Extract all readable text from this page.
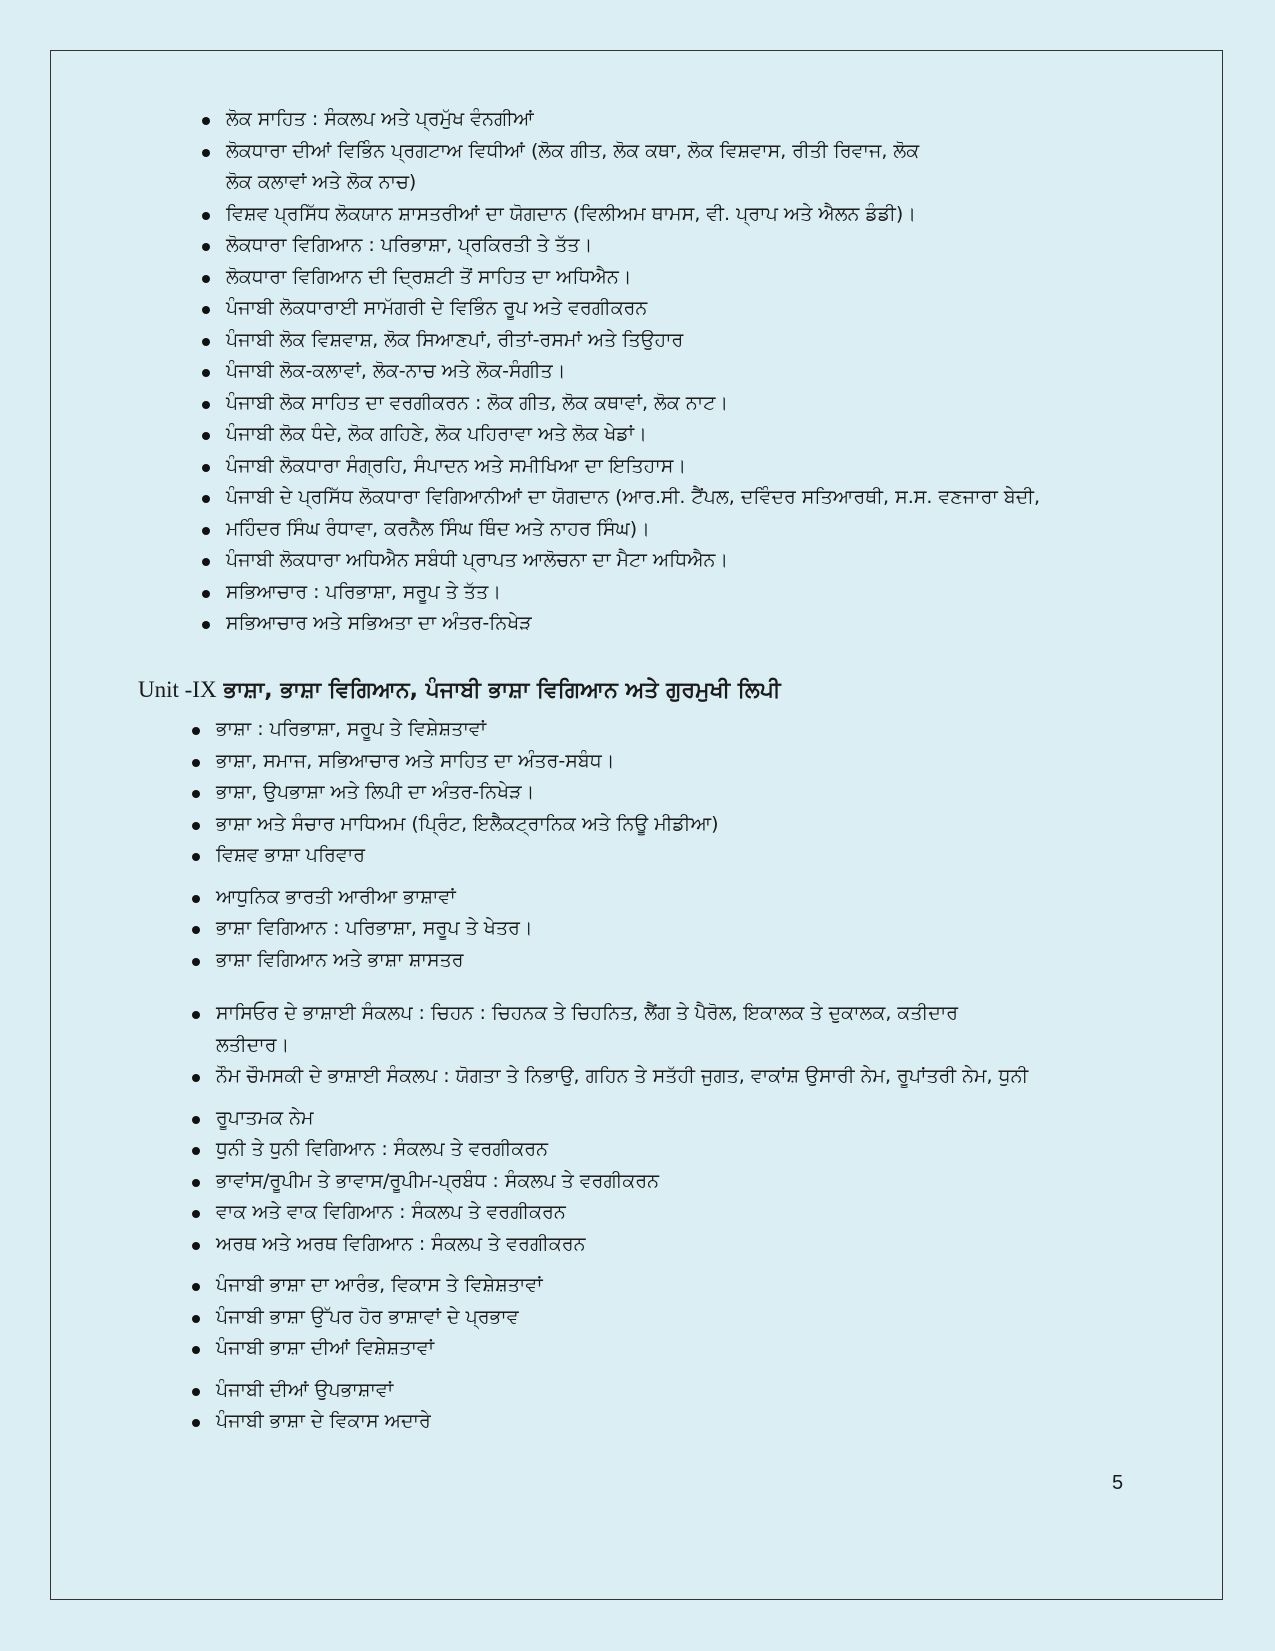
ਲੋਕ ਸਾਹਿਤ : ਸੰਕਲਪ ਅਤੇ ਪ੍ਰਮੁੱਖ ਵੰਨਗੀਆਂ
ਲੋਕਧਾਰਾ ਦੀਆਂ ਵਿਭਿੰਨ ਪ੍ਰਗਟਾਅ ਵਿਧੀਆਂ (ਲੋਕ ਗੀਤ, ਲੋਕ ਕਥਾ, ਲੋਕ ਵਿਸ਼ਵਾਸ, ਰੀਤੀ ਰਿਵਾਜ, ਲੋਕ
ਲੋਕ ਕਲਾਵਾਂ ਅਤੇ ਲੋਕ ਨਾਚ)
ਵਿਸ਼ਵ ਪ੍ਰਸਿੱਧ ਲੋਕਯਾਨ ਸ਼ਾਸਤਰੀਆਂ ਦਾ ਯੋਗਦਾਨ (ਵਿਲੀਅਮ ਥਾਮਸ, ਵੀ. ਪ੍ਰਾਪ ਅਤੇ ਐਲਨ ਡੰਡੀ)।
ਲੋਕਧਾਰਾ ਵਿਗਿਆਨ : ਪਰਿਭਾਸ਼ਾ, ਪ੍ਰਕਿਰਤੀ ਤੇ ਤੱਤ।
ਲੋਕਧਾਰਾ ਵਿਗਿਆਨ ਦੀ ਦ੍ਰਿਸ਼ਟੀ ਤੋਂ ਸਾਹਿਤ ਦਾ ਅਧਿਐਨ।
ਪੰਜਾਬੀ ਲੋਕਧਾਰਾਈ ਸਾਮੱਗਰੀ ਦੇ ਵਿਭਿੰਨ ਰੂਪ ਅਤੇ ਵਰਗੀਕਰਨ
ਪੰਜਾਬੀ ਲੋਕ ਵਿਸ਼ਵਾਸ਼, ਲੋਕ ਸਿਆਣਪਾਂ, ਰੀਤਾਂ-ਰਸਮਾਂ ਅਤੇ ਤਿਉਹਾਰ
ਪੰਜਾਬੀ ਲੋਕ-ਕਲਾਵਾਂ, ਲੋਕ-ਨਾਚ ਅਤੇ ਲੋਕ-ਸੰਗੀਤ।
ਪੰਜਾਬੀ ਲੋਕ ਸਾਹਿਤ ਦਾ ਵਰਗੀਕਰਨ : ਲੋਕ ਗੀਤ, ਲੋਕ ਕਥਾਵਾਂ, ਲੋਕ ਨਾਟ।
ਪੰਜਾਬੀ ਲੋਕ ਧੰਦੇ, ਲੋਕ ਗਹਿਣੇ, ਲੋਕ ਪਹਿਰਾਵਾ ਅਤੇ ਲੋਕ ਖੇਡਾਂ।
ਪੰਜਾਬੀ ਲੋਕਧਾਰਾ ਸੰਗ੍ਰਹਿ, ਸੰਪਾਦਨ ਅਤੇ ਸਮੀਖਿਆ ਦਾ ਇਤਿਹਾਸ।
ਪੰਜਾਬੀ ਦੇ ਪ੍ਰਸਿੱਧ ਲੋਕਧਾਰਾ ਵਿਗਿਆਨੀਆਂ ਦਾ ਯੋਗਦਾਨ (ਆਰ.ਸੀ. ਟੈਂਪਲ, ਦਵਿੰਦਰ ਸਤਿਆਰਥੀ, ਸ.ਸ. ਵਣਜਾਰਾ ਬੇਦੀ,
ਮਹਿੰਦਰ ਸਿੰਘ ਰੰਧਾਵਾ, ਕਰਨੈਲ ਸਿੰਘ ਥਿੰਦ ਅਤੇ ਨਾਹਰ ਸਿੰਘ)।
ਪੰਜਾਬੀ ਲੋਕਧਾਰਾ ਅਧਿਐਨ ਸਬੰਧੀ ਪ੍ਰਾਪਤ ਆਲੋਚਨਾ ਦਾ ਮੈਟਾ ਅਧਿਐਨ।
ਸਭਿਆਚਾਰ : ਪਰਿਭਾਸ਼ਾ, ਸਰੂਪ ਤੇ ਤੱਤ।
ਸਭਿਆਚਾਰ ਅਤੇ ਸਭਿਅਤਾ ਦਾ ਅੰਤਰ-ਨਿਖੇੜ
Unit -IX ਭਾਸ਼ਾ, ਭਾਸ਼ਾ ਵਿਗਿਆਨ, ਪੰਜਾਬੀ ਭਾਸ਼ਾ ਵਿਗਿਆਨ ਅਤੇ ਗੁਰਮੁਖੀ ਲਿਪੀ
ਭਾਸ਼ਾ : ਪਰਿਭਾਸ਼ਾ, ਸਰੂਪ ਤੇ ਵਿਸ਼ੇਸ਼ਤਾਵਾਂ
ਭਾਸ਼ਾ, ਸਮਾਜ, ਸਭਿਆਚਾਰ ਅਤੇ ਸਾਹਿਤ ਦਾ ਅੰਤਰ-ਸਬੰਧ।
ਭਾਸ਼ਾ, ਉਪਭਾਸ਼ਾ ਅਤੇ ਲਿਪੀ ਦਾ ਅੰਤਰ-ਨਿਖੇੜ।
ਭਾਸ਼ਾ ਅਤੇ ਸੰਚਾਰ ਮਾਧਿਅਮ (ਪ੍ਰਿੰਟ, ਇਲੈਕਟ੍ਰਾਨਿਕ ਅਤੇ ਨਿਊ ਮੀਡੀਆ)
ਵਿਸ਼ਵ ਭਾਸ਼ਾ ਪਰਿਵਾਰ
ਆਧੁਨਿਕ ਭਾਰਤੀ ਆਰੀਆ ਭਾਸ਼ਾਵਾਂ
ਭਾਸ਼ਾ ਵਿਗਿਆਨ : ਪਰਿਭਾਸ਼ਾ, ਸਰੂਪ ਤੇ ਖੇਤਰ।
ਭਾਸ਼ਾ ਵਿਗਿਆਨ ਅਤੇ ਭਾਸ਼ਾ ਸ਼ਾਸਤਰ
ਸਾਸਿਓਰ ਦੇ ਭਾਸ਼ਾਈ ਸੰਕਲਪ : ਚਿਹਨ : ਚਿਹਨਕ ਤੇ ਚਿਹਨਿਤ, ਲੈਂਗ ਤੇ ਪੈਰੋਲ, ਇਕਾਲਕ ਤੇ ਦੁਕਾਲਕ, ਕਤੀਦਾਰ
ਲਤੀਦਾਰ।
ਨੌਮ ਚੌਮਸਕੀ ਦੇ ਭਾਸ਼ਾਈ ਸੰਕਲਪ : ਯੋਗਤਾ ਤੇ ਨਿਭਾਉ, ਗਹਿਨ ਤੇ ਸਤੱਹੀ ਜੁਗਤ, ਵਾਕਾਂਸ਼ ਉਸਾਰੀ ਨੇਮ, ਰੂਪਾਂਤਰੀ ਨੇਮ, ਧੁਨੀ
ਰੂਪਾਤਮਕ ਨੇਮ
ਧੁਨੀ ਤੇ ਧੁਨੀ ਵਿਗਿਆਨ : ਸੰਕਲਪ ਤੇ ਵਰਗੀਕਰਨ
ਭਾਵਾਂਸ/ਰੂਪੀਮ ਤੇ ਭਾਵਾਸ/ਰੂਪੀਮ-ਪ੍ਰਬੰਧ : ਸੰਕਲਪ ਤੇ ਵਰਗੀਕਰਨ
ਵਾਕ ਅਤੇ ਵਾਕ ਵਿਗਿਆਨ : ਸੰਕਲਪ ਤੇ ਵਰਗੀਕਰਨ
ਅਰਥ ਅਤੇ ਅਰਥ ਵਿਗਿਆਨ : ਸੰਕਲਪ ਤੇ ਵਰਗੀਕਰਨ
ਪੰਜਾਬੀ ਭਾਸ਼ਾ ਦਾ ਆਰੰਭ, ਵਿਕਾਸ ਤੇ ਵਿਸ਼ੇਸ਼ਤਾਵਾਂ
ਪੰਜਾਬੀ ਭਾਸ਼ਾ ਉੱਪਰ ਹੋਰ ਭਾਸ਼ਾਵਾਂ ਦੇ ਪ੍ਰਭਾਵ
ਪੰਜਾਬੀ ਭਾਸ਼ਾ ਦੀਆਂ ਵਿਸ਼ੇਸ਼ਤਾਵਾਂ
ਪੰਜਾਬੀ ਦੀਆਂ ਉਪਭਾਸ਼ਾਵਾਂ
ਪੰਜਾਬੀ ਭਾਸ਼ਾ ਦੇ ਵਿਕਾਸ ਅਦਾਰੇ
5
